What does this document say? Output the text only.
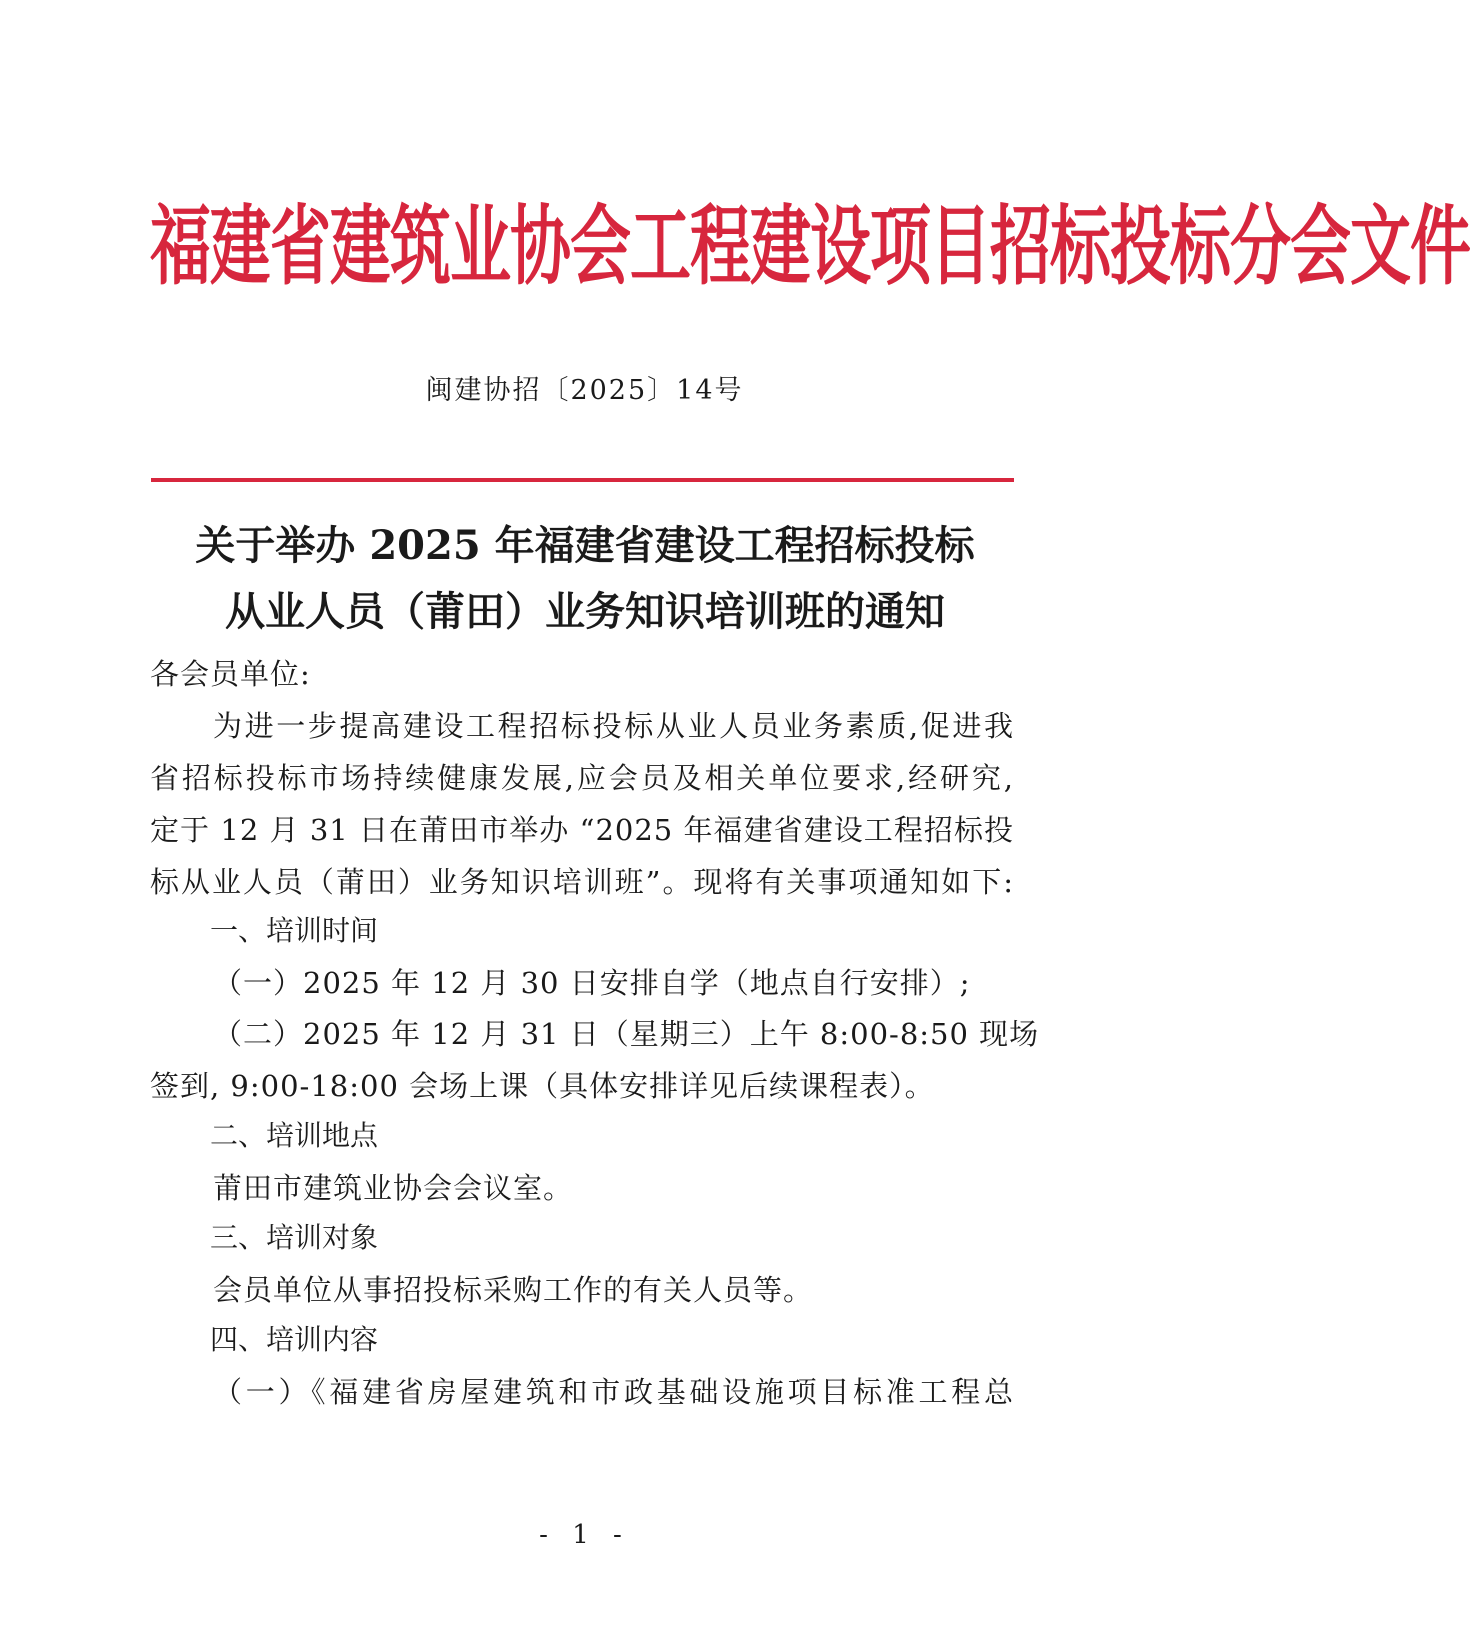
福建省建筑业协会工程建设项目招标投标分会文件
闽建协招〔2025〕14号
关于举办 2025 年福建省建设工程招标投标
从业人员（莆田）业务知识培训班的通知
各会员单位:
为进一步提高建设工程招标投标从业人员业务素质,促进我
省招标投标市场持续健康发展,应会员及相关单位要求,经研究,
定于 12 月 31 日在莆田市举办 “2025 年福建省建设工程招标投
标从业人员（莆田）业务知识培训班”。现将有关事项通知如下:
一、培训时间
（一）2025 年 12 月 30 日安排自学（地点自行安排）;
（二）2025 年 12 月 31 日（星期三）上午 8:00-8:50 现场
签到, 9:00-18:00 会场上课（具体安排详见后续课程表）。
二、培训地点
莆田市建筑业协会会议室。
三、培训对象
会员单位从事招投标采购工作的有关人员等。
四、培训内容
（一）《福建省房屋建筑和市政基础设施项目标准工程总
- 1 -
